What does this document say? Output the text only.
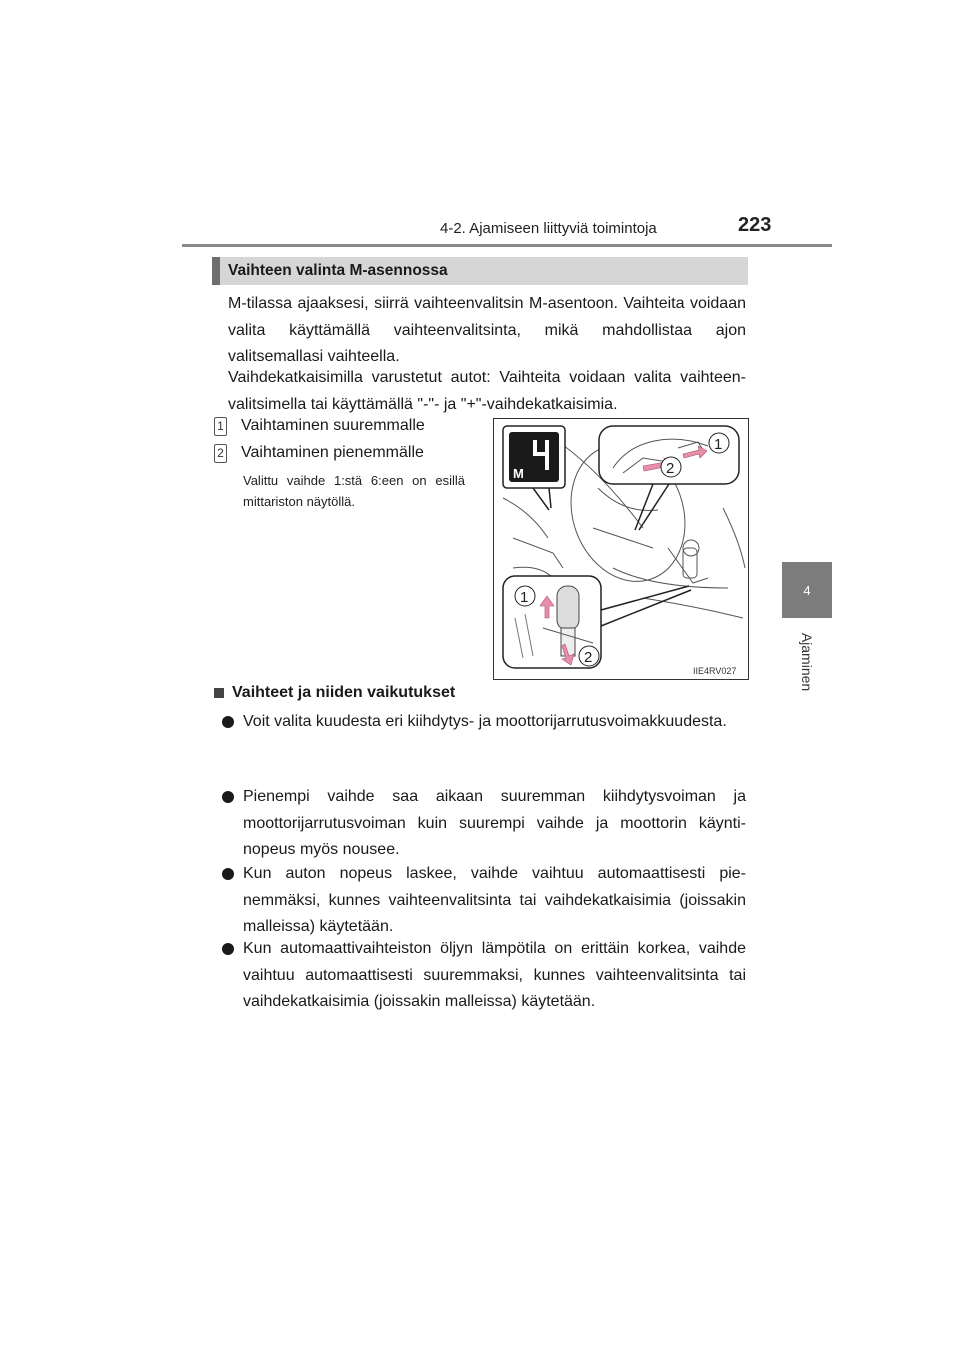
4-2. Ajamiseen liittyviä toimintoja	223
4
Ajaminen
Vaihteen valinta M-asennossa
M-tilassa ajaaksesi, siirrä vaihteenvalitsin M-asentoon. Vaihteita voidaan valita käyttämällä vaihteenvalitsinta, mikä mahdollistaa ajon valitsemallasi vaihteella.
Vaihdekatkaisimilla varustetut autot: Vaihteita voidaan valita vaihteenvalitsimella tai käyttämällä "-"- ja "+"-vaihdekatkaisimia.
1 Vaihtaminen suuremmalle
2 Vaihtaminen pienemmälle
Valittu vaihde 1:stä 6:een on esillä mittariston näytöllä.
M
1
2
1
2
IIE4RV027
Vaihteet ja niiden vaikutukset
Voit valita kuudesta eri kiihdytys- ja moottorijarrutusvoimakkuudesta.
Pienempi vaihde saa aikaan suuremman kiihdytysvoiman ja moottorijarrutusvoiman kuin suurempi vaihde ja moottorin käyntinopeus myös nousee.
Kun auton nopeus laskee, vaihde vaihtuu automaattisesti pienemmäksi, kunnes vaihteenvalitsinta tai vaihdekatkaisimia (joissakin malleissa) käytetään.
Kun automaattivaihteiston öljyn lämpötila on erittäin korkea, vaihde vaihtuu automaattisesti suuremmaksi, kunnes vaihteenvalitsinta tai vaihdekatkaisimia (joissakin malleissa) käytetään.
